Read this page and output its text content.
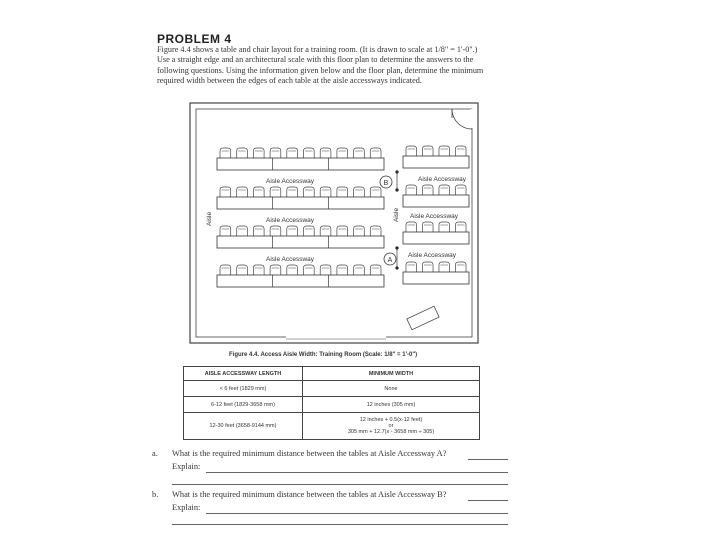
PROBLEM 4
Figure 4.4 shows a table and chair layout for a training room. (It is drawn to scale at 1/8" = 1'-0".)
Use a straight edge and an architectural scale with this floor plan to determine the answers to the
following questions. Using the information given below and the floor plan, determine the minimum
required width between the edges of each table at the aisle accessways indicated.
Aisle Accessway
Aisle Accessway
Aisle Accessway
Aisle Accessway
Aisle Accessway
Aisle Accessway
Aisle	Aisle
B
A
Figure 4.4. Access Aisle Width: Training Room (Scale: 1/8" = 1'-0")
AISLE ACCESSWAY LENGTH	MINIMUM WIDTH
< 6 feet (1829 mm)	None
6-12 feet (1829-3658 mm)	12 inches (305 mm)
12-30 feet (3658-9144 mm)	12 inches + 0.5(x-12 feet)
or
305 mm + 12.7(x - 3658 mm ÷ 305)
a. What is the required minimum distance between the tables at Aisle Accessway A?
Explain:
b. What is the required minimum distance between the tables at Aisle Accessway B?
Explain:
